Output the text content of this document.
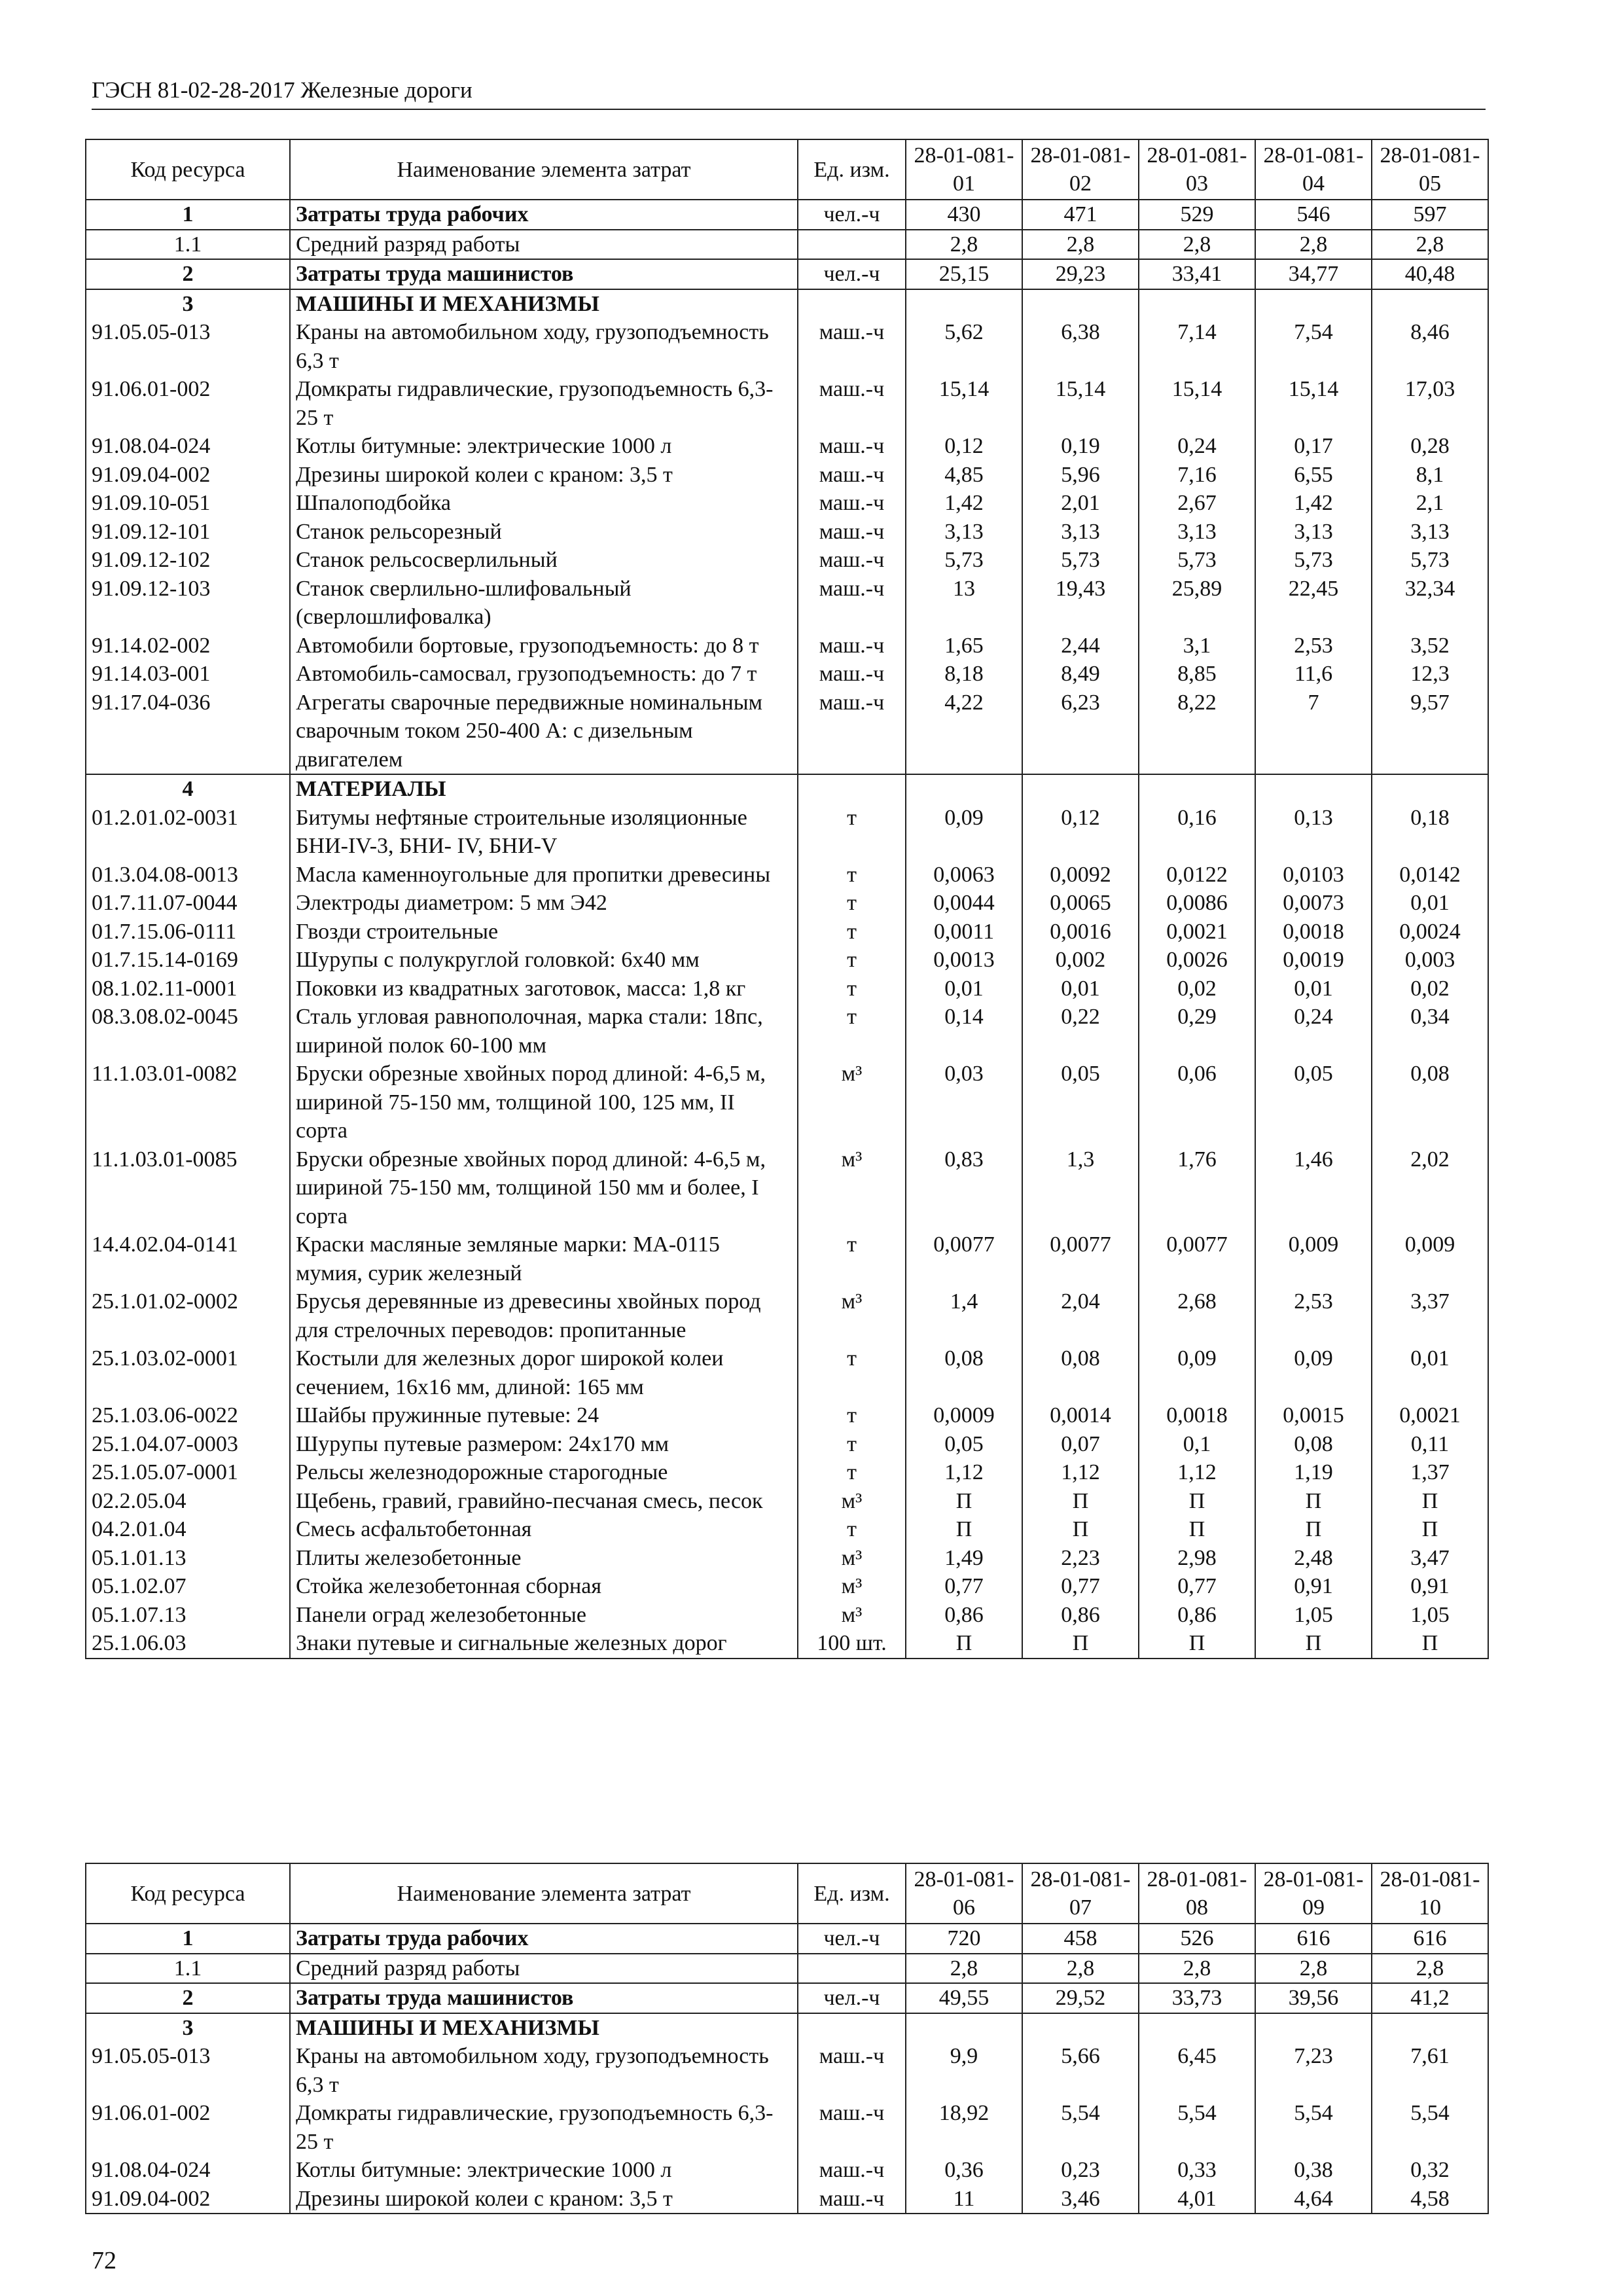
ГЭСН 81-02-28-2017 Железные дороги
Код ресурса	Наименование элемента затрат	Ед. изм.	28-01-081-01	28-01-081-02	28-01-081-03	28-01-081-04	28-01-081-05
1	Затраты труда рабочих	чел.-ч	430	471	529	546	597
1.1	Средний разряд работы		2,8	2,8	2,8	2,8	2,8
2	Затраты труда машинистов	чел.-ч	25,15	29,23	33,41	34,77	40,48
3	МАШИНЫ И МЕХАНИЗМЫ						
91.05.05-013	Краны на автомобильном ходу, грузоподъемность 6,3 т	маш.-ч	5,62	6,38	7,14	7,54	8,46
91.06.01-002	Домкраты гидравлические, грузоподъемность 6,3-25 т	маш.-ч	15,14	15,14	15,14	15,14	17,03
91.08.04-024	Котлы битумные: электрические 1000 л	маш.-ч	0,12	0,19	0,24	0,17	0,28
91.09.04-002	Дрезины широкой колеи с краном: 3,5 т	маш.-ч	4,85	5,96	7,16	6,55	8,1
91.09.10-051	Шпалоподбойка	маш.-ч	1,42	2,01	2,67	1,42	2,1
91.09.12-101	Станок рельсорезный	маш.-ч	3,13	3,13	3,13	3,13	3,13
91.09.12-102	Станок рельсосверлильный	маш.-ч	5,73	5,73	5,73	5,73	5,73
91.09.12-103	Станок сверлильно-шлифовальный (сверлошлифовалка)	маш.-ч	13	19,43	25,89	22,45	32,34
91.14.02-002	Автомобили бортовые, грузоподъемность: до 8 т	маш.-ч	1,65	2,44	3,1	2,53	3,52
91.14.03-001	Автомобиль-самосвал, грузоподъемность: до 7 т	маш.-ч	8,18	8,49	8,85	11,6	12,3
91.17.04-036	Агрегаты сварочные передвижные номинальным сварочным током 250-400 А: с дизельным двигателем	маш.-ч	4,22	6,23	8,22	7	9,57
4	МАТЕРИАЛЫ						
01.2.01.02-0031	Битумы нефтяные строительные изоляционные БНИ-IV-3, БНИ- IV, БНИ-V	т	0,09	0,12	0,16	0,13	0,18
01.3.04.08-0013	Масла каменноугольные для пропитки древесины	т	0,0063	0,0092	0,0122	0,0103	0,0142
01.7.11.07-0044	Электроды диаметром: 5 мм Э42	т	0,0044	0,0065	0,0086	0,0073	0,01
01.7.15.06-0111	Гвозди строительные	т	0,0011	0,0016	0,0021	0,0018	0,0024
01.7.15.14-0169	Шурупы с полукруглой головкой: 6х40 мм	т	0,0013	0,002	0,0026	0,0019	0,003
08.1.02.11-0001	Поковки из квадратных заготовок, масса: 1,8 кг	т	0,01	0,01	0,02	0,01	0,02
08.3.08.02-0045	Сталь угловая равнополочная, марка стали: 18пс, шириной полок 60-100 мм	т	0,14	0,22	0,29	0,24	0,34
11.1.03.01-0082	Бруски обрезные хвойных пород длиной: 4-6,5 м, шириной 75-150 мм, толщиной 100, 125 мм, II сорта	м³	0,03	0,05	0,06	0,05	0,08
11.1.03.01-0085	Бруски обрезные хвойных пород длиной: 4-6,5 м, шириной 75-150 мм, толщиной 150 мм и более, I сорта	м³	0,83	1,3	1,76	1,46	2,02
14.4.02.04-0141	Краски масляные земляные марки: МА-0115 мумия, сурик железный	т	0,0077	0,0077	0,0077	0,009	0,009
25.1.01.02-0002	Брусья деревянные из древесины хвойных пород для стрелочных переводов: пропитанные	м³	1,4	2,04	2,68	2,53	3,37
25.1.03.02-0001	Костыли для железных дорог широкой колеи сечением, 16х16 мм, длиной: 165 мм	т	0,08	0,08	0,09	0,09	0,01
25.1.03.06-0022	Шайбы пружинные путевые: 24	т	0,0009	0,0014	0,0018	0,0015	0,0021
25.1.04.07-0003	Шурупы путевые размером: 24х170 мм	т	0,05	0,07	0,1	0,08	0,11
25.1.05.07-0001	Рельсы железнодорожные старогодные	т	1,12	1,12	1,12	1,19	1,37
02.2.05.04	Щебень, гравий, гравийно-песчаная смесь, песок	м³	П	П	П	П	П
04.2.01.04	Смесь асфальтобетонная	т	П	П	П	П	П
05.1.01.13	Плиты железобетонные	м³	1,49	2,23	2,98	2,48	3,47
05.1.02.07	Стойка железобетонная сборная	м³	0,77	0,77	0,77	0,91	0,91
05.1.07.13	Панели оград железобетонные	м³	0,86	0,86	0,86	1,05	1,05
25.1.06.03	Знаки путевые и сигнальные железных дорог	100 шт.	П	П	П	П	П
Код ресурса	Наименование элемента затрат	Ед. изм.	28-01-081-06	28-01-081-07	28-01-081-08	28-01-081-09	28-01-081-10
1	Затраты труда рабочих	чел.-ч	720	458	526	616	616
1.1	Средний разряд работы		2,8	2,8	2,8	2,8	2,8
2	Затраты труда машинистов	чел.-ч	49,55	29,52	33,73	39,56	41,2
3	МАШИНЫ И МЕХАНИЗМЫ						
91.05.05-013	Краны на автомобильном ходу, грузоподъемность 6,3 т	маш.-ч	9,9	5,66	6,45	7,23	7,61
91.06.01-002	Домкраты гидравлические, грузоподъемность 6,3-25 т	маш.-ч	18,92	5,54	5,54	5,54	5,54
91.08.04-024	Котлы битумные: электрические 1000 л	маш.-ч	0,36	0,23	0,33	0,38	0,32
91.09.04-002	Дрезины широкой колеи с краном: 3,5 т	маш.-ч	11	3,46	4,01	4,64	4,58
72
